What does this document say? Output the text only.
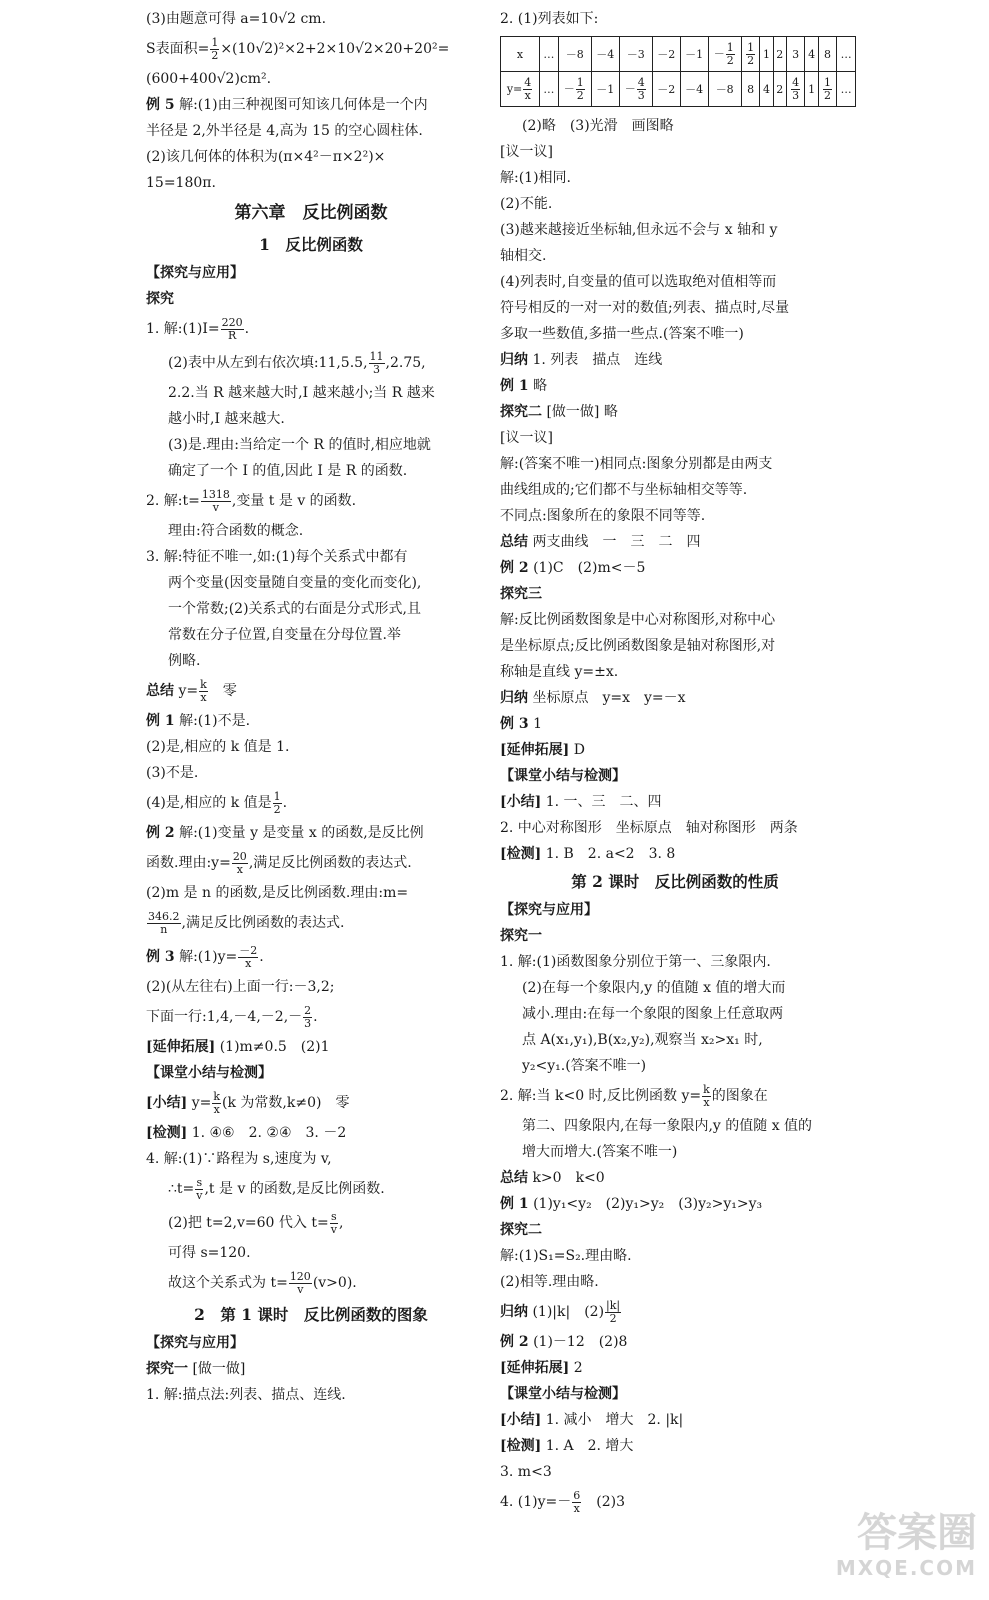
(3)由题意可得 a=10√2 cm.
S表面积= $\frac{1}{2} \times(10√2)^2\times 2+2\times 10√2\times 20+20^2=$
(600+400√2)cm².
例 5 解:(1)由三种视图可知该几何体是一个内
半径是 2,外半径是 4,高为 15 的空心圆柱体.
(2)该几何体的体积为(π×4²－π×2²)×
15=180π.
第六章　反比例函数
1　反比例函数
【探究与应用】
探究
1. 解:(1)I= $\frac{220}{R}$ .
(2)表中从左到右依次填:11,5.5, $\frac{11}{3} ,2.75$,
2.2.当 R 越来越大时,I 越来越小;当 R 越来
越小时,I 越来越大.
(3)是.理由:当给定一个 R 的值时,相应地就
确定了一个 I 的值,因此 I 是 R 的函数.
2. 解:t= $\frac{1318}{v}$ ,变量 t 是 v 的函数.
理由:符合函数的概念.
3. 解:特征不唯一,如:(1)每个关系式中都有
两个变量(因变量随自变量的变化而变化),
一个常数;(2)关系式的右面是分式形式,且
常数在分子位置,自变量在分母位置.举
例略.
总结 $y= \frac{k}{x}$ 　零
例 1 解:(1)不是.
(2)是,相应的 k 值是 1.
(3)不是.
(4)是,相应的 k 值是 $\frac{1}{2}$ .
例 2 解:(1)变量 y 是变量 x 的函数,是反比例
函数.理由:y= $\frac{20}{x}$ ,满足反比例函数的表达式.
(2)m 是 n 的函数,是反比例函数.理由:m=
$\frac{346.2}{n}$ ,满足反比例函数的表达式.
例 3 解:(1)y= $\frac{-2}{x}$ .
(2)(从左往右)上面一行:－3,2;
下面一行:1,4,－4,－2,－ $\frac{2}{3}$ .
[延伸拓展] (1)m≠0.5　(2)1
【课堂小结与检测】
[小结] $y= \frac{k}{x} (k$ 为常数,k≠0)　零
[检测] 1. ④⑥　2. ②④　3. －2
4. 解:(1)∵路程为 s,速度为 v,
∴t= $\frac{s}{v} ,t$ 是 v 的函数,是反比例函数.
(2)把 t=2,v=60 代入 $t= \frac{s}{v}$ ,
可得 s=120.
故这个关系式为 $t= \frac{120}{v} (v>0)$.
2　第 1 课时　反比例函数的图象
【探究与应用】
探究一 [做一做]
1. 解:描点法:列表、描点、连线.
2. (1)列表如下:
x	…	－8	－4	－3	－2	－1	－ $\frac{1}{2}$	$\frac{1}{2}$	1	2	3	4	8	…
$y= \frac{4}{x}$	…	－ $\frac{1}{2}$	－1	－ $\frac{4}{3}$	－2	－4	－8	8	4	2	$\frac{4}{3}$	1	$\frac{1}{2}$	…
(2)略　(3)光滑　画图略
[议一议]
解:(1)相同.
(2)不能.
(3)越来越接近坐标轴,但永远不会与 x 轴和 y
轴相交.
(4)列表时,自变量的值可以选取绝对值相等而
符号相反的一对一对的数值;列表、描点时,尽量
多取一些数值,多描一些点.(答案不唯一)
归纳 1. 列表　描点　连线
例 1 略
探究二 [做一做] 略
[议一议]
解:(答案不唯一)相同点:图象分别都是由两支
曲线组成的;它们都不与坐标轴相交等等.
不同点:图象所在的象限不同等等.
总结 两支曲线　一　三　二　四
例 2 (1)C　(2)m<－5
探究三
解:反比例函数图象是中心对称图形,对称中心
是坐标原点;反比例函数图象是轴对称图形,对
称轴是直线 y=±x.
归纳 坐标原点　y=x　y=－x
例 3 1
[延伸拓展] D
【课堂小结与检测】
[小结] 1. 一、三　二、四
2. 中心对称图形　坐标原点　轴对称图形　两条
[检测] 1. B　2. a<2　3. 8
第 2 课时　反比例函数的性质
【探究与应用】
探究一
1. 解:(1)函数图象分别位于第一、三象限内.
(2)在每一个象限内,y 的值随 x 值的增大而
减小.理由:在每一个象限的图象上任意取两
点 A(x₁,y₁),B(x₂,y₂),观察当 x₂>x₁ 时,
y₂<y₁.(答案不唯一)
2. 解:当 k<0 时,反比例函数 $y= \frac{k}{x}$ 的图象在
第二、四象限内,在每一象限内,y 的值随 x 值的
增大而增大.(答案不唯一)
总结 k>0　k<0
例 1 (1)y₁<y₂　(2)y₁>y₂　(3)y₂>y₁>y₃
探究二
解:(1)S₁=S₂.理由略.
(2)相等.理由略.
归纳 (1)|k|　$(2) \frac{|k|}{2}$
例 2 (1)－12　(2)8
[延伸拓展] 2
【课堂小结与检测】
[小结] 1. 减小　增大　2. |k|
[检测] 1. A　2. 增大
3. m<3
4. $(1)y=- \frac{6}{x}$ 　(2)3
答案圈
MXQE.COM
